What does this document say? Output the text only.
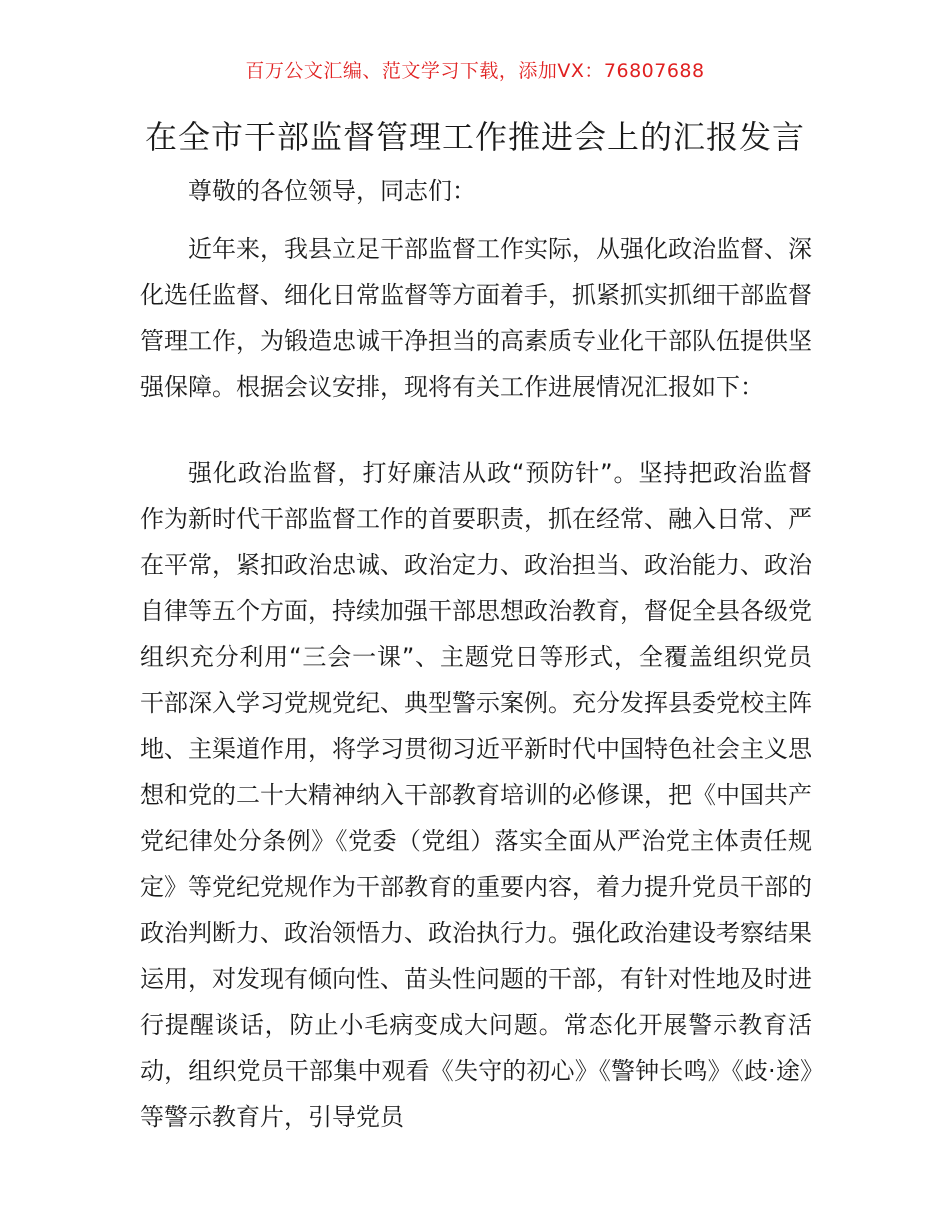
百万公文汇编、范文学习下载，添加VX：76807688
在全市干部监督管理工作推进会上的汇报发言

尊敬的各位领导，同志们：

近年来，我县立足干部监督工作实际，从强化政治监督、深化选任监督、细化日常监督等方面着手，抓紧抓实抓细干部监督管理工作，为锻造忠诚干净担当的高素质专业化干部队伍提供坚强保障。根据会议安排，现将有关工作进展情况汇报如下：

强化政治监督，打好廉洁从政“预防针”。坚持把政治监督作为新时代干部监督工作的首要职责，抓在经常、融入日常、严在平常，紧扣政治忠诚、政治定力、政治担当、政治能力、政治自律等五个方面，持续加强干部思想政治教育，督促全县各级党组织充分利用“三会一课”、主题党日等形式，全覆盖组织党员干部深入学习党规党纪、典型警示案例。充分发挥县委党校主阵地、主渠道作用，将学习贯彻习近平新时代中国特色社会主义思想和党的二十大精神纳入干部教育培训的必修课，把《中国共产党纪律处分条例》《党委（党组）落实全面从严治党主体责任规定》等党纪党规作为干部教育的重要内容，着力提升党员干部的政治判断力、政治领悟力、政治执行力。强化政治建设考察结果运用，对发现有倾向性、苗头性问题的干部，有针对性地及时进行提醒谈话，防止小毛病变成大问题。常态化开展警示教育活动，组织党员干部集中观看《失守的初心》《警钟长鸣》《歧·途》等警示教育片，引导党员
